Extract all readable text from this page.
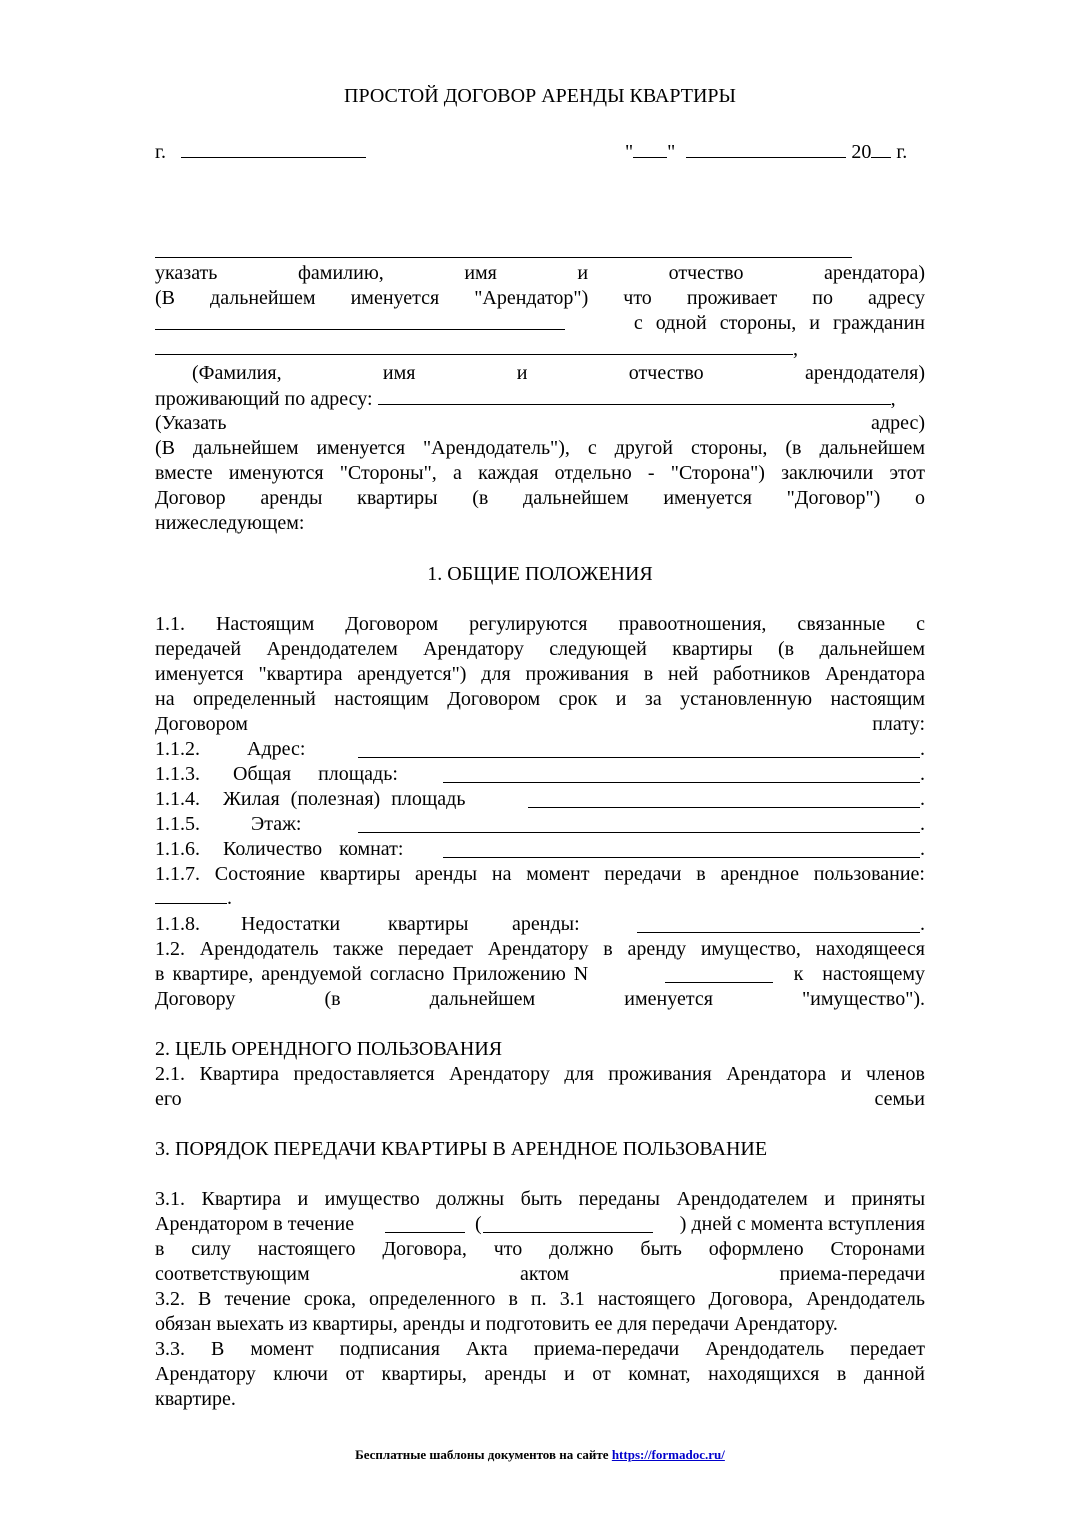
ПРОСТОЙ ДОГОВОР АРЕНДЫ КВАРТИРЫ
г.	" "	20 г.
указать	фамилию,	имя	и	отчество	арендатора)
(В дальнейшем именуется "Арендатор") что проживает по адресу
с одной стороны, и гражданин
,
(Фамилия,	имя	и	отчество	арендодателя)
проживающий по адресу:	,
(Указать	адрес)
(В дальнейшем именуется "Арендодатель"), с другой стороны, (в дальнейшем
вместе именуются "Стороны", а каждая отдельно - "Сторона") заключили этот
Договор аренды квартиры (в дальнейшем именуется "Договор") о
нижеследующем:
1. ОБЩИЕ ПОЛОЖЕНИЯ
1.1. Настоящим Договором регулируются правоотношения, связанные с
передачей Арендодателем Арендатору следующей квартиры (в дальнейшем
именуется "квартира арендуется") для проживания в ней работников Арендатора
на определенный настоящим Договором срок и за установленную настоящим
Договором	плату:
1.1.2. Адрес:	.
1.1.3. Общая площадь:	.
1.1.4. Жилая (полезная) площадь	.
1.1.5.	Этаж:	.
1.1.6. Количество комнат:	.
1.1.7. Состояние квартиры аренды на момент передачи в арендное пользование:
.
1.1.8. Недостатки квартиры аренды:	.
1.2. Арендодатель также передает Арендатору в аренду имущество, находящееся
в квартире, арендуемой согласно Приложению N	к настоящему
Договору	(в	дальнейшем	именуется	"имущество").
2. ЦЕЛЬ ОРЕНДНОГО ПОЛЬЗОВАНИЯ
2.1. Квартира предоставляется Арендатору для проживания Арендатора и членов
его	семьи
3. ПОРЯДОК ПЕРЕДАЧИ КВАРТИРЫ В АРЕНДНОЕ ПОЛЬЗОВАНИЕ
3.1. Квартира и имущество должны быть переданы Арендодателем и приняты
Арендатором в течение	(	) дней с момента вступления
в силу настоящего Договора, что должно быть оформлено Сторонами
соответствующим	актом	приема-передачи
3.2. В течение срока, определенного в п. 3.1 настоящего Договора, Арендодатель
обязан выехать из квартиры, аренды и подготовить ее для передачи Арендатору.
3.3. В момент подписания Акта приема-передачи Арендодатель передает
Арендатору ключи от квартиры, аренды и от комнат, находящихся в данной
квартире.
Бесплатные шаблоны документов на сайте https://formadoc.ru/
